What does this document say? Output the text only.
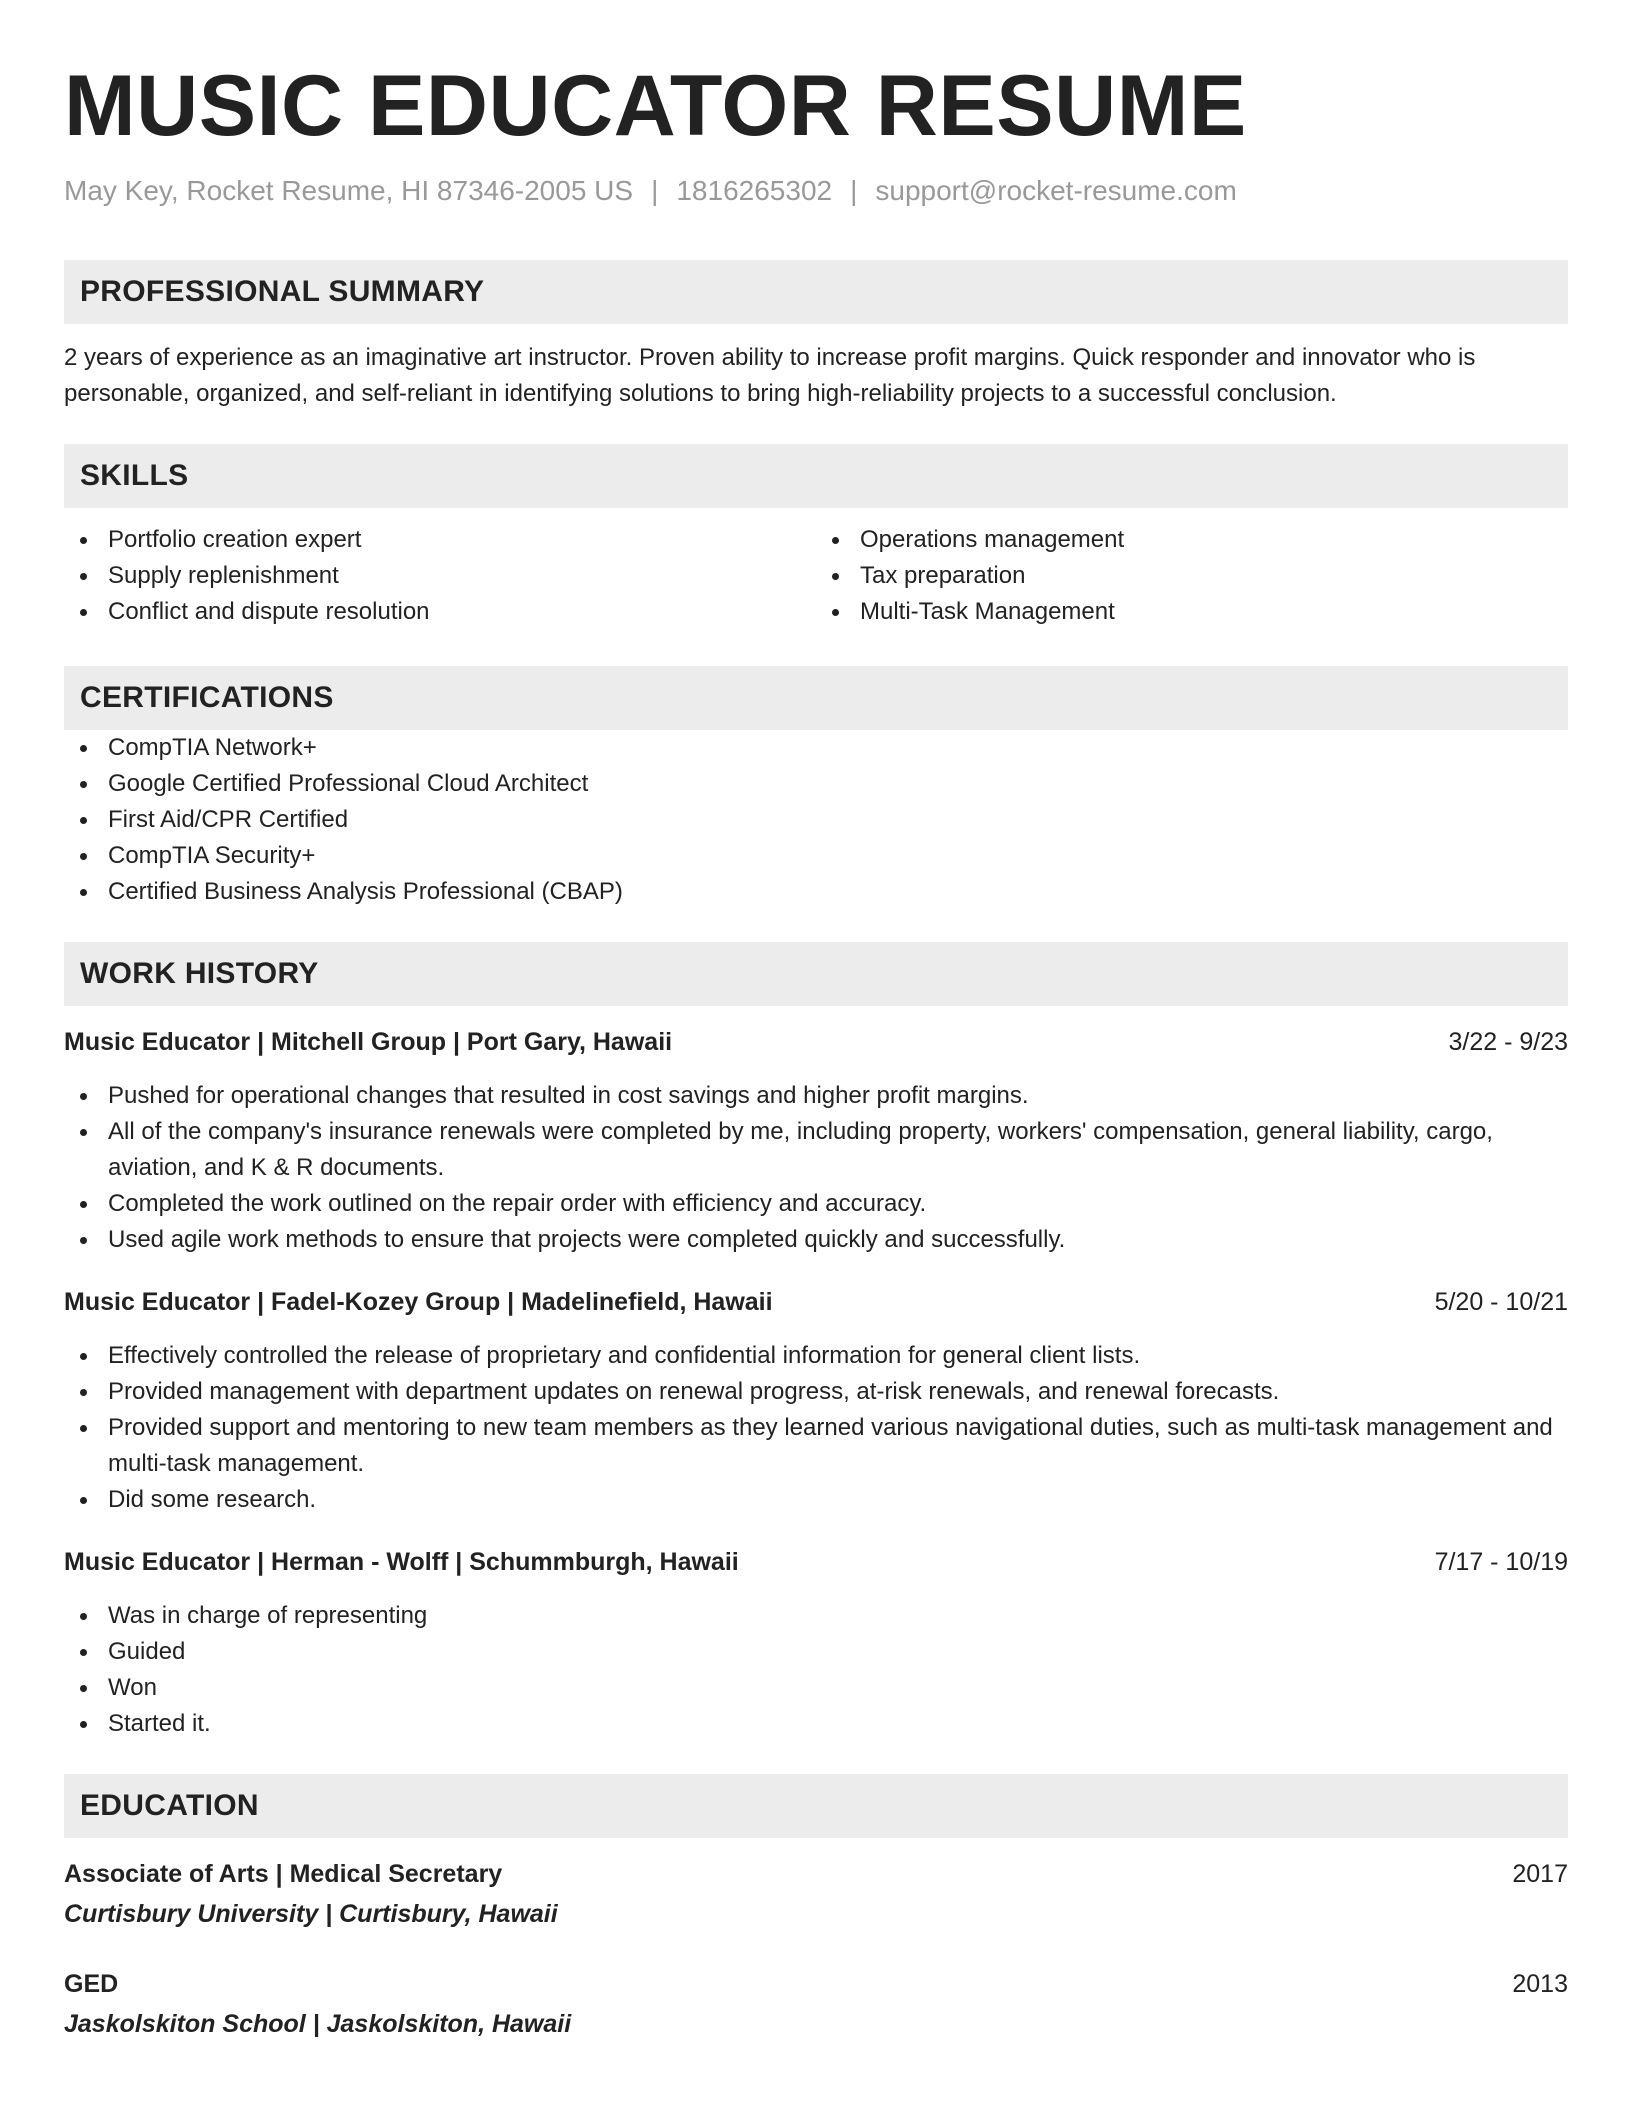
MUSIC EDUCATOR RESUME
May Key, Rocket Resume, HI 87346-2005 US | 1816265302 | support@rocket-resume.com
PROFESSIONAL SUMMARY

2 years of experience as an imaginative art instructor. Proven ability to increase profit margins. Quick responder and innovator who is personable, organized, and self-reliant in identifying solutions to bring high-reliability projects to a successful conclusion.

SKILLS
Portfolio creation expert
Supply replenishment
Conflict and dispute resolution
Operations management
Tax preparation
Multi-Task Management
CERTIFICATIONS
CompTIA Network+
Google Certified Professional Cloud Architect
First Aid/CPR Certified
CompTIA Security+
Certified Business Analysis Professional (CBAP)
WORK HISTORY
Music Educator | Mitchell Group | Port Gary, Hawaii	3/22 - 9/23
Pushed for operational changes that resulted in cost savings and higher profit margins.
All of the company's insurance renewals were completed by me, including property, workers' compensation, general liability, cargo, aviation, and K & R documents.
Completed the work outlined on the repair order with efficiency and accuracy.
Used agile work methods to ensure that projects were completed quickly and successfully.
Music Educator | Fadel-Kozey Group | Madelinefield, Hawaii	5/20 - 10/21
Effectively controlled the release of proprietary and confidential information for general client lists.
Provided management with department updates on renewal progress, at-risk renewals, and renewal forecasts.
Provided support and mentoring to new team members as they learned various navigational duties, such as multi-task management and multi-task management.
Did some research.
Music Educator | Herman - Wolff | Schummburgh, Hawaii	7/17 - 10/19
Was in charge of representing
Guided
Won
Started it.
EDUCATION
Associate of Arts | Medical Secretary	2017
Curtisbury University | Curtisbury, Hawaii
GED	2013
Jaskolskiton School | Jaskolskiton, Hawaii
